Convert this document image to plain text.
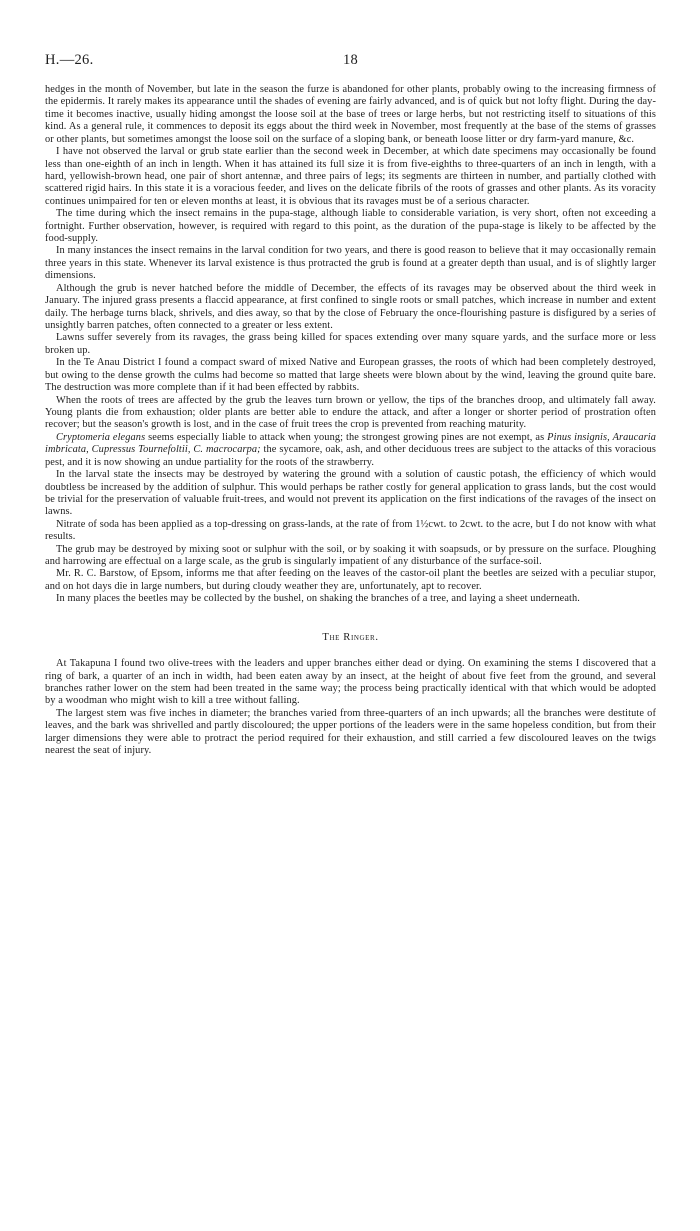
H.—26.	18

hedges in the month of November, but late in the season the furze is abandoned for other plants, probably owing to the increasing firmness of the epidermis. It rarely makes its appearance until the shades of evening are fairly advanced, and is of quick but not lofty flight. During the day-time it becomes inactive, usually hiding amongst the loose soil at the base of trees or large herbs, but not restricting itself to situations of this kind. As a general rule, it commences to deposit its eggs about the third week in November, most frequently at the base of the stems of grasses or other plants, but sometimes amongst the loose soil on the surface of a sloping bank, or beneath loose litter or dry farm-yard manure, &c.

I have not observed the larval or grub state earlier than the second week in December, at which date specimens may occasionally be found less than one-eighth of an inch in length. When it has attained its full size it is from five-eighths to three-quarters of an inch in length, with a hard, yellowish-brown head, one pair of short antennæ, and three pairs of legs; its segments are thirteen in number, and partially clothed with scattered rigid hairs. In this state it is a voracious feeder, and lives on the delicate fibrils of the roots of grasses and other plants. As its voracity continues unimpaired for ten or eleven months at least, it is obvious that its ravages must be of a serious character.

The time during which the insect remains in the pupa-stage, although liable to considerable variation, is very short, often not exceeding a fortnight. Further observation, however, is required with regard to this point, as the duration of the pupa-stage is likely to be affected by the food-supply.

In many instances the insect remains in the larval condition for two years, and there is good reason to believe that it may occasionally remain three years in this state. Whenever its larval existence is thus protracted the grub is found at a greater depth than usual, and is of slightly larger dimensions.

Although the grub is never hatched before the middle of December, the effects of its ravages may be observed about the third week in January. The injured grass presents a flaccid appearance, at first confined to single roots or small patches, which increase in number and extent daily. The herbage turns black, shrivels, and dies away, so that by the close of February the once-flourishing pasture is disfigured by a series of unsightly barren patches, often connected to a greater or less extent.

Lawns suffer severely from its ravages, the grass being killed for spaces extending over many square yards, and the surface more or less broken up.

In the Te Anau District I found a compact sward of mixed Native and European grasses, the roots of which had been completely destroyed, but owing to the dense growth the culms had become so matted that large sheets were blown about by the wind, leaving the ground quite bare. The destruction was more complete than if it had been effected by rabbits.

When the roots of trees are affected by the grub the leaves turn brown or yellow, the tips of the branches droop, and ultimately fall away. Young plants die from exhaustion; older plants are better able to endure the attack, and after a longer or shorter period of prostration often recover; but the season's growth is lost, and in the case of fruit trees the crop is prevented from reaching maturity.

Cryptomeria elegans seems especially liable to attack when young; the strongest growing pines are not exempt, as Pinus insignis, Araucaria imbricata, Cupressus Tournefoltii, C. macrocarpa; the sycamore, oak, ash, and other deciduous trees are subject to the attacks of this voracious pest, and it is now showing an undue partiality for the roots of the strawberry.

In the larval state the insects may be destroyed by watering the ground with a solution of caustic potash, the efficiency of which would doubtless be increased by the addition of sulphur. This would perhaps be rather costly for general application to grass lands, but the cost would be trivial for the preservation of valuable fruit-trees, and would not prevent its application on the first indications of the ravages of the insect on lawns.

Nitrate of soda has been applied as a top-dressing on grass-lands, at the rate of from 1½cwt. to 2cwt. to the acre, but I do not know with what results.

The grub may be destroyed by mixing soot or sulphur with the soil, or by soaking it with soapsuds, or by pressure on the surface. Ploughing and harrowing are effectual on a large scale, as the grub is singularly impatient of any disturbance of the surface-soil.

Mr. R. C. Barstow, of Epsom, informs me that after feeding on the leaves of the castor-oil plant the beetles are seized with a peculiar stupor, and on hot days die in large numbers, but during cloudy weather they are, unfortunately, apt to recover.

In many places the beetles may be collected by the bushel, on shaking the branches of a tree, and laying a sheet underneath.

The Ringer.

At Takapuna I found two olive-trees with the leaders and upper branches either dead or dying. On examining the stems I discovered that a ring of bark, a quarter of an inch in width, had been eaten away by an insect, at the height of about five feet from the ground, and several branches rather lower on the stem had been treated in the same way; the process being practically identical with that which would be adopted by a woodman who might wish to kill a tree without falling.

The largest stem was five inches in diameter; the branches varied from three-quarters of an inch upwards; all the branches were destitute of leaves, and the bark was shrivelled and partly discoloured; the upper portions of the leaders were in the same hopeless condition, but from their larger dimensions they were able to protract the period required for their exhaustion, and still carried a few discoloured leaves on the twigs nearest the seat of injury.
